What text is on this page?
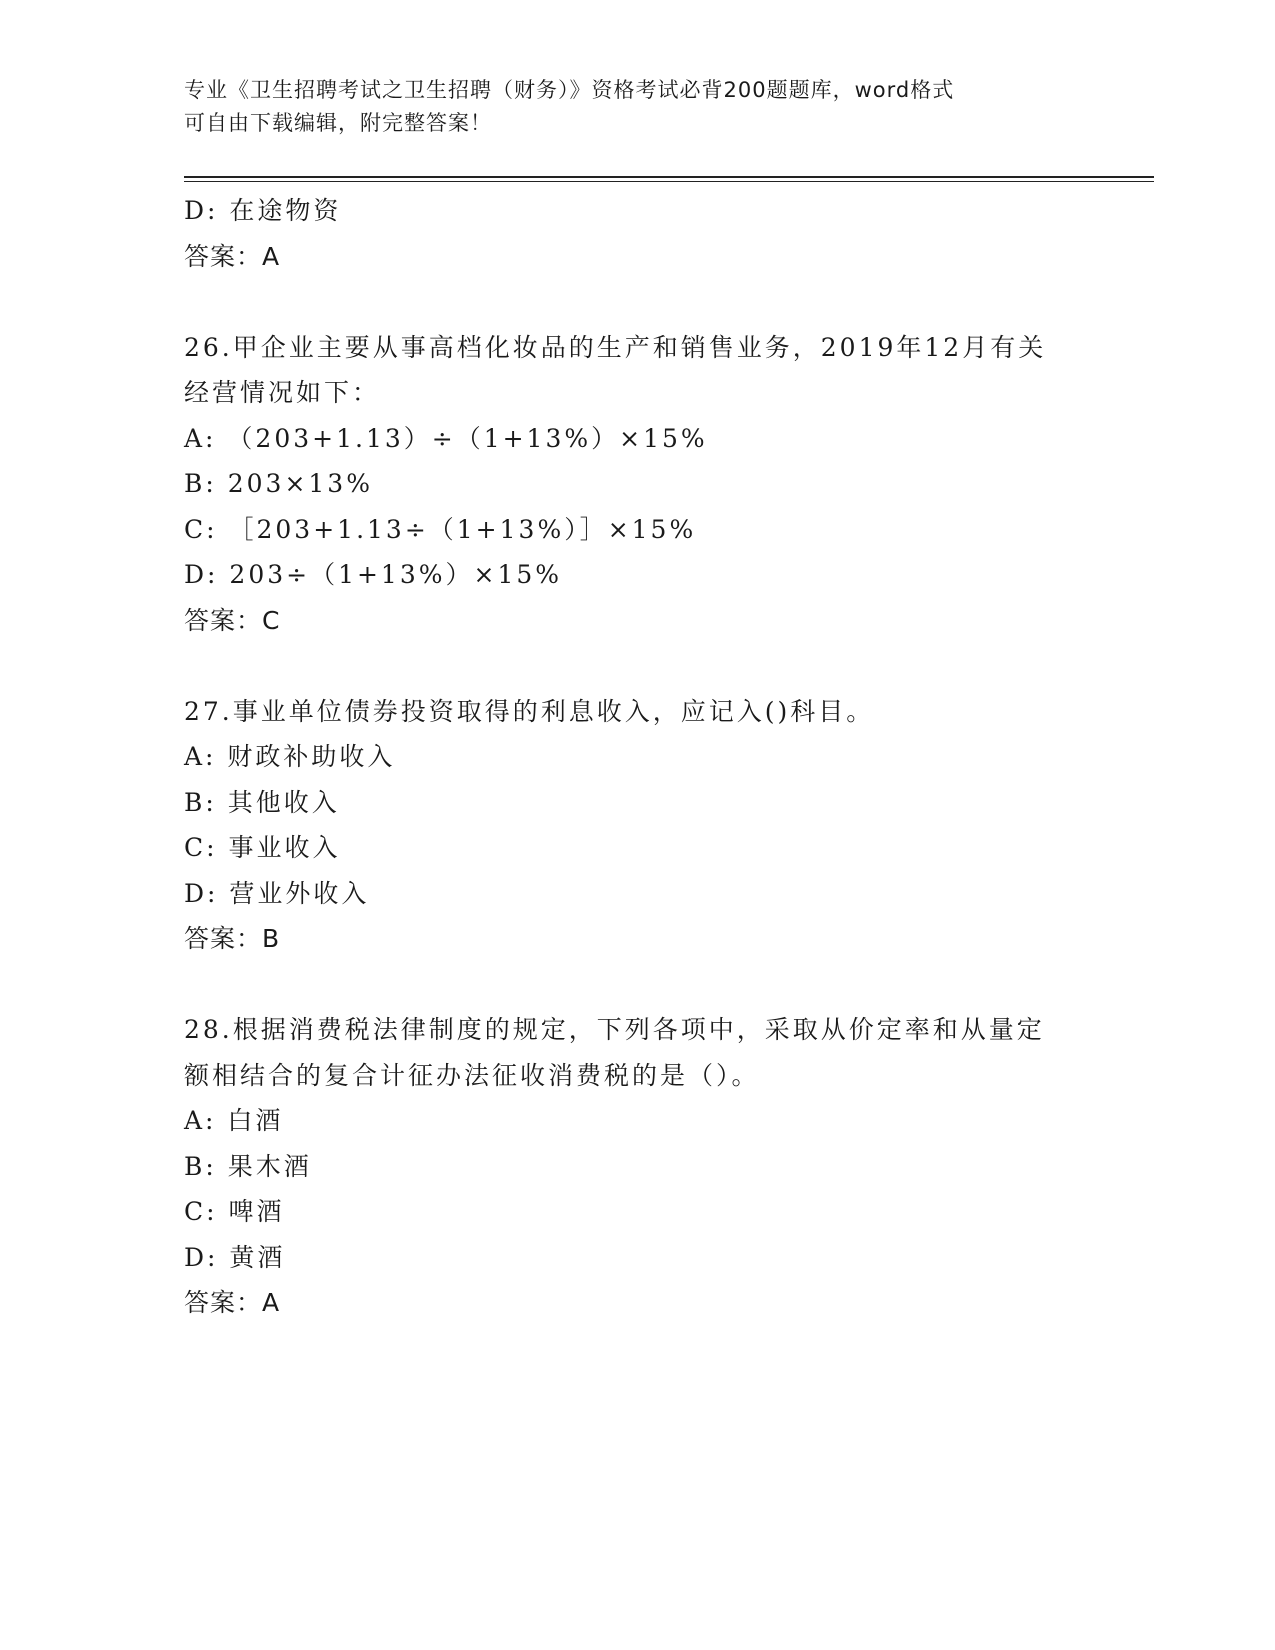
专业《卫生招聘考试之卫生招聘（财务）》资格考试必背200题题库，word格式
可自由下载编辑，附完整答案！
D: 在途物资
答案：A
26.甲企业主要从事高档化妆品的生产和销售业务，2019年12月有关
经营情况如下：
A: （203+1.13）÷（1+13%）×15%
B: 203×13%
C: ［203+1.13÷（1+13%）］×15%
D: 203÷（1+13%）×15%
答案：C
27.事业单位债券投资取得的利息收入，应记入()科目。
A: 财政补助收入
B: 其他收入
C: 事业收入
D: 营业外收入
答案：B
28.根据消费税法律制度的规定，下列各项中，采取从价定率和从量定
额相结合的复合计征办法征收消费税的是（）。
A: 白酒
B: 果木酒
C: 啤酒
D: 黄酒
答案：A
